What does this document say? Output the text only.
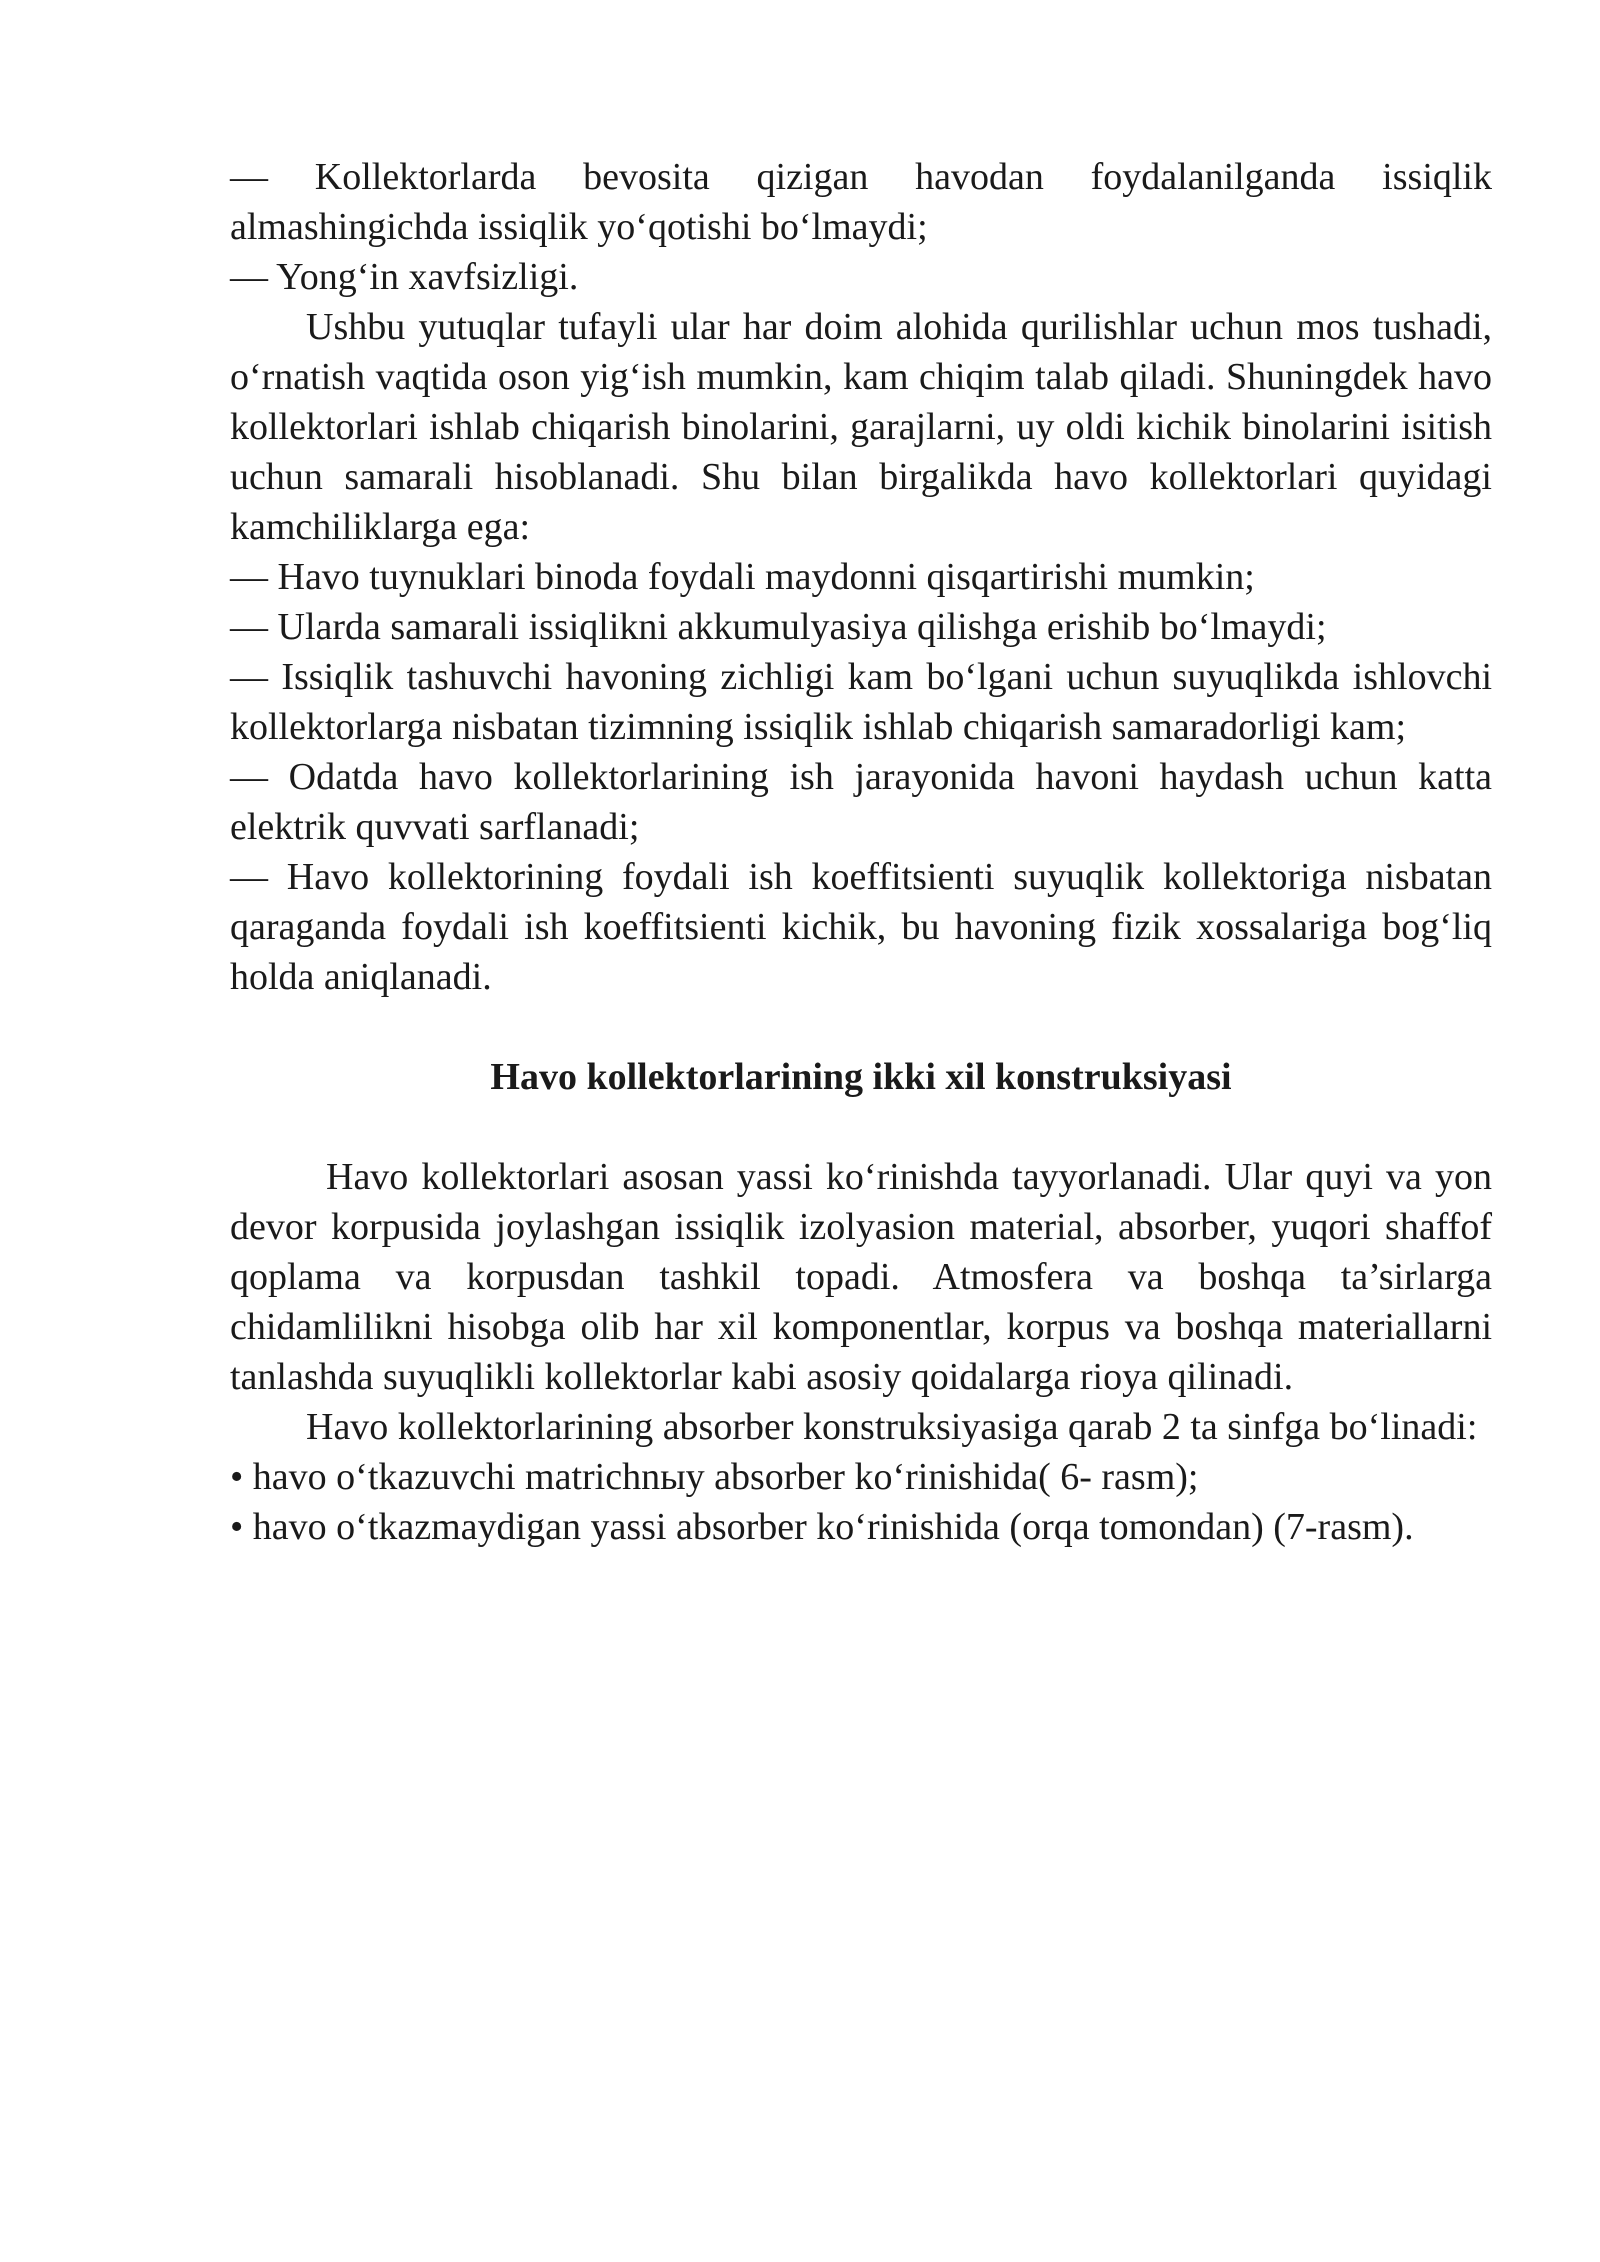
— Kollektorlarda bevosita qizigan havodan foydalanilganda issiqlik almashingichda issiqlik yo‘qotishi bo‘lmaydi;

— Yong‘in xavfsizligi.

Ushbu yutuqlar tufayli ular har doim alohida qurilishlar uchun mos tushadi, o‘rnatish vaqtida oson yig‘ish mumkin, kam chiqim talab qiladi. Shuningdek havo kollektorlari ishlab chiqarish binolarini, garajlarni, uy oldi kichik binolarini isitish uchun samarali hisoblanadi. Shu bilan birgalikda havo kollektorlari quyidagi kamchiliklarga ega:

— Havo tuynuklari binoda foydali maydonni qisqartirishi mumkin;

— Ularda samarali issiqlikni akkumulyasiya qilishga erishib bo‘lmaydi;

— Issiqlik tashuvchi havoning zichligi kam bo‘lgani uchun suyuqlikda ishlovchi kollektorlarga nisbatan tizimning issiqlik ishlab chiqarish samaradorligi kam;

— Odatda havo kollektorlarining ish jarayonida havoni haydash uchun katta elektrik quvvati sarflanadi;

— Havo kollektorining foydali ish koeffitsienti suyuqlik kollektoriga nisbatan qaraganda foydali ish koeffitsienti kichik, bu havoning fizik xossalariga bog‘liq holda aniqlanadi.

Havo kollektorlarining ikki xil konstruksiyasi

Havo kollektorlari asosan yassi ko‘rinishda tayyorlanadi. Ular quyi va yon devor korpusida joylashgan issiqlik izolyasion material, absorber, yuqori shaffof qoplama va korpusdan tashkil topadi. Atmosfera va boshqa ta’sirlarga chidamlilikni hisobga olib har xil komponentlar, korpus va boshqa materiallarni tanlashda suyuqlikli kollektorlar kabi asosiy qoidalarga rioya qilinadi.

Havo kollektorlarining absorber konstruksiyasiga qarab 2 ta sinfga bo‘linadi:

• havo o‘tkazuvchi matrichnыy absorber ko‘rinishida( 6- rasm);

• havo o‘tkazmaydigan yassi absorber ko‘rinishida (orqa tomondan) (7-rasm).
